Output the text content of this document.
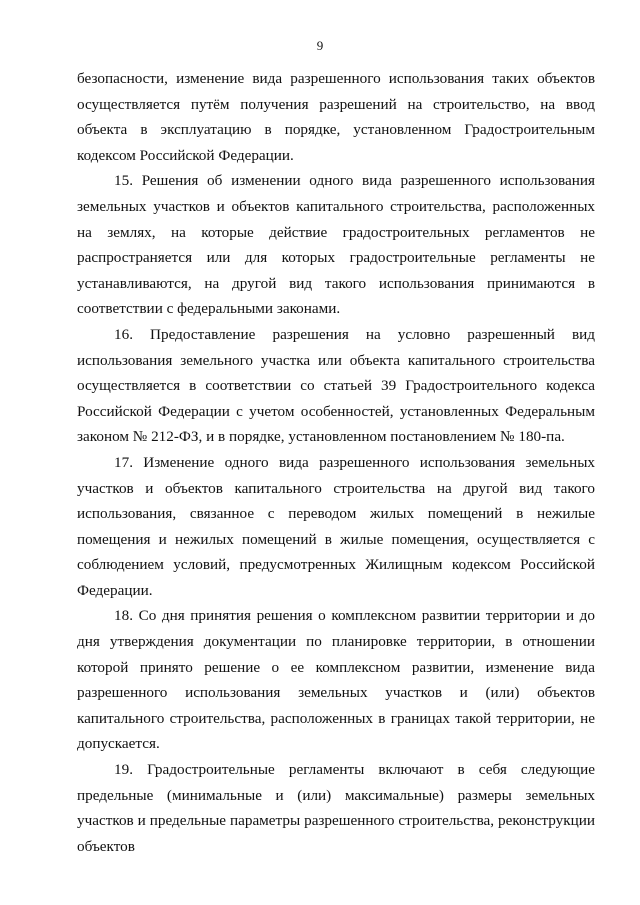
9

безопасности, изменение вида разрешенного использования таких объектов осуществляется путём получения разрешений на строительство, на ввод объекта в эксплуатацию в порядке, установленном Градостроительным кодексом Российской Федерации.

15. Решения об изменении одного вида разрешенного использования земельных участков и объектов капитального строительства, расположенных на землях, на которые действие градостроительных регламентов не распространяется или для которых градостроительные регламенты не устанавливаются, на другой вид такого использования принимаются в соответствии с федеральными законами.

16. Предоставление разрешения на условно разрешенный вид использования земельного участка или объекта капитального строительства осуществляется в соответствии со статьей 39 Градостроительного кодекса Российской Федерации с учетом особенностей, установленных Федеральным законом № 212-ФЗ, и в порядке, установленном постановлением № 180-па.

17. Изменение одного вида разрешенного использования земельных участков и объектов капитального строительства на другой вид такого использования, связанное с переводом жилых помещений в нежилые помещения и нежилых помещений в жилые помещения, осуществляется с соблюдением условий, предусмотренных Жилищным кодексом Российской Федерации.

18. Со дня принятия решения о комплексном развитии территории и до дня утверждения документации по планировке территории, в отношении которой принято решение о ее комплексном развитии, изменение вида разрешенного использования земельных участков и (или) объектов капитального строительства, расположенных в границах такой территории, не допускается.

19. Градостроительные регламенты включают в себя следующие предельные (минимальные и (или) максимальные) размеры земельных участков и предельные параметры разрешенного строительства, реконструкции объектов
